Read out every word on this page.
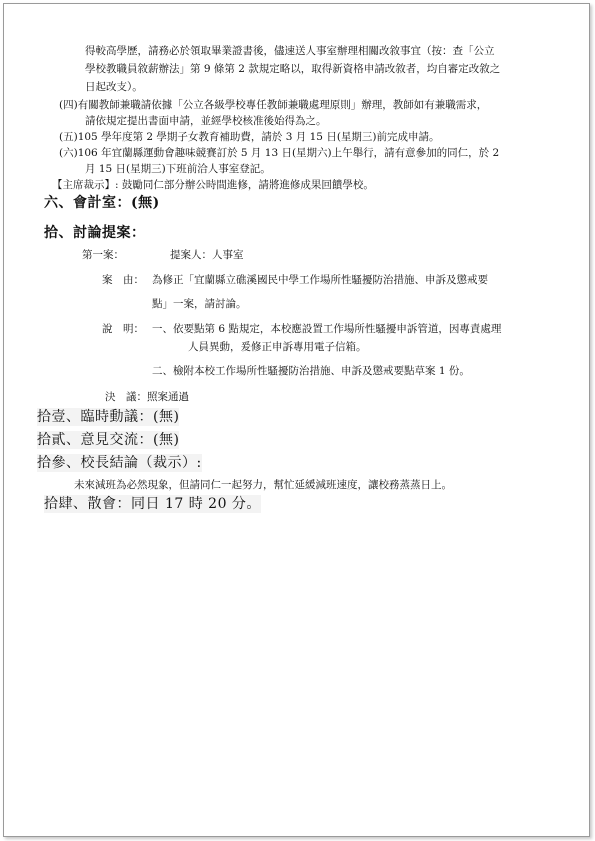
得較高學歷，請務必於領取畢業證書後，儘速送人事室辦理相關改敘事宜（按：查「公立
學校教職員敘薪辦法」第 9 條第 2 款規定略以，取得新資格申請改敘者，均自審定改敘之
日起改支）。
(四)有關教師兼職請依據「公立各級學校專任教師兼職處理原則」辦理，教師如有兼職需求，
請依規定提出書面申請，並經學校核准後始得為之。
(五)105 學年度第 2 學期子女教育補助費，請於 3 月 15 日(星期三)前完成申請。
(六)106 年宜蘭縣運動會趣味競賽訂於 5 月 13 日(星期六)上午舉行，請有意參加的同仁，於 2
月 15 日(星期三)下班前洽人事室登記。
【主席裁示】: 鼓勵同仁部分辦公時間進修，請將進修成果回饋學校。
六、會計室：(無)
拾、討論提案：
第一案：	提案人：人事室
案　由： 為修正「宜蘭縣立礁溪國民中學工作場所性騷擾防治措施、申訴及懲戒要
點」一案，請討論。
說　明： 一、依要點第 6 點規定，本校應設置工作場所性騷擾申訴管道，因專責處理
人員異動，爰修正申訴專用電子信箱。
二、檢附本校工作場所性騷擾防治措施、申訴及懲戒要點草案 1 份。
決　議：照案通過
拾壹、臨時動議：(無)
拾貳、意見交流：(無)
拾參、校長結論（裁示）:
未來減班為必然現象，但請同仁一起努力，幫忙延緩減班速度，讓校務蒸蒸日上。
拾肆、散會：同日 17 時 20 分。
